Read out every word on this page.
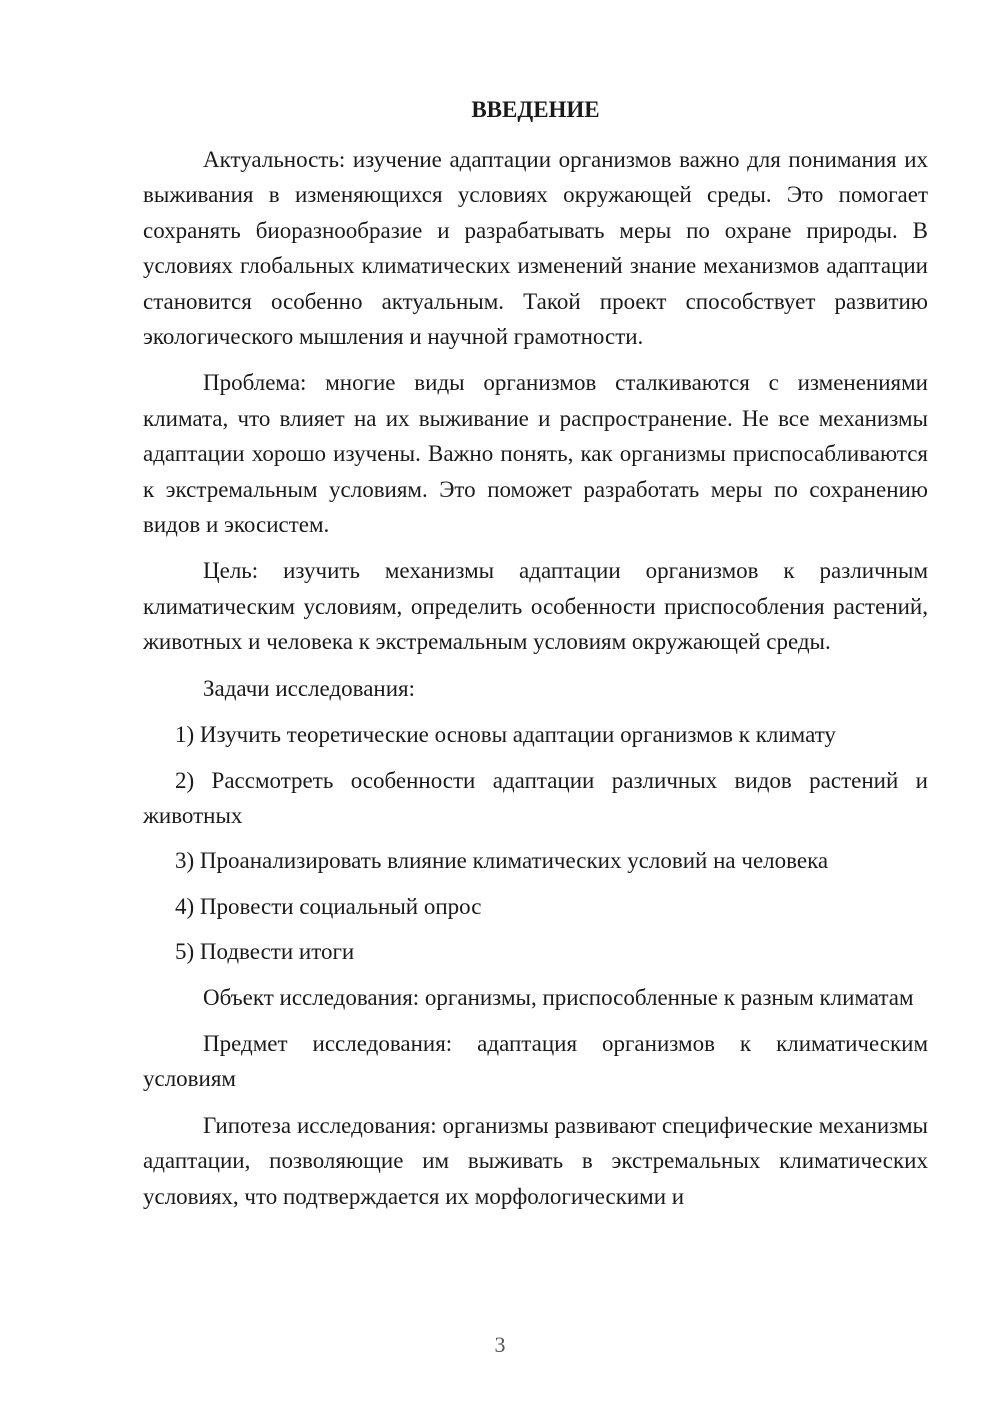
ВВЕДЕНИЕ

Актуальность: изучение адаптации организмов важно для понимания их выживания в изменяющихся условиях окружающей среды. Это помогает сохранять биоразнообразие и разрабатывать меры по охране природы. В условиях глобальных климатических изменений знание механизмов адаптации становится особенно актуальным. Такой проект способствует развитию экологического мышления и научной грамотности.

Проблема: многие виды организмов сталкиваются с изменениями климата, что влияет на их выживание и распространение. Не все механизмы адаптации хорошо изучены. Важно понять, как организмы приспосабливаются к экстремальным условиям. Это поможет разработать меры по сохранению видов и экосистем.

Цель: изучить механизмы адаптации организмов к различным климатическим условиям, определить особенности приспособления растений, животных и человека к экстремальным условиям окружающей среды.

Задачи исследования:

1) Изучить теоретические основы адаптации организмов к климату

2) Рассмотреть особенности адаптации различных видов растений и животных

3) Проанализировать влияние климатических условий на человека

4) Провести социальный опрос

5) Подвести итоги

Объект исследования: организмы, приспособленные к разным климатам

Предмет исследования: адаптация организмов к климатическим условиям

Гипотеза исследования: организмы развивают специфические механизмы адаптации, позволяющие им выживать в экстремальных климатических условиях, что подтверждается их морфологическими и

3
